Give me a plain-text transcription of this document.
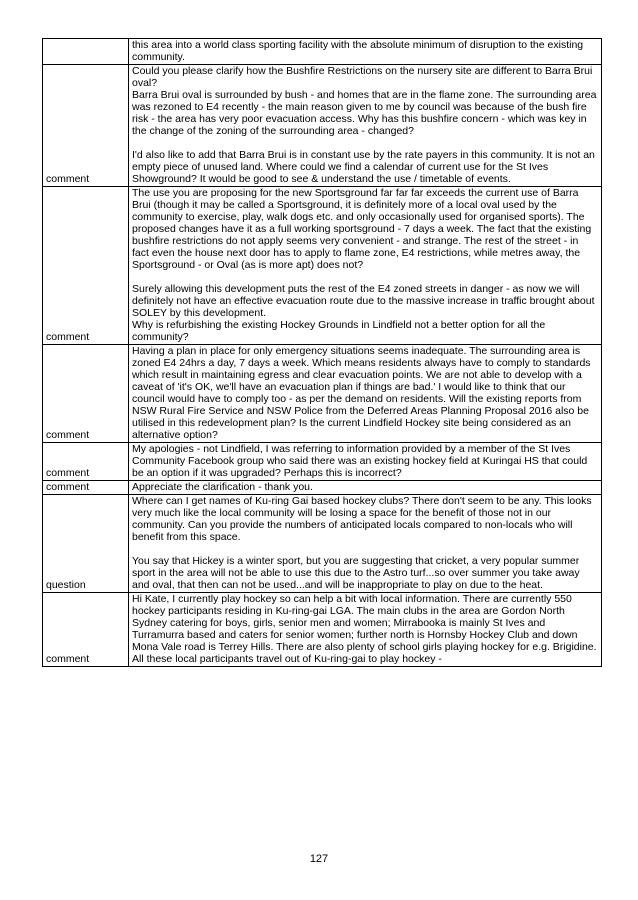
	this area into a world class sporting facility with the absolute minimum of disruption to the existing community.

comment	Could you please clarify how the Bushfire Restrictions on the nursery site are different to Barra Brui oval?
Barra Brui oval is surrounded by bush - and homes that are in the flame zone. The surrounding area was rezoned to E4 recently - the main reason given to me by council was because of the bush fire risk - the area has very poor evacuation access. Why has this bushfire concern - which was key in the change of the zoning of the surrounding area - changed?
I'd also like to add that Barra Brui is in constant use by the rate payers in this community. It is not an empty piece of unused land. Where could we find a calendar of current use for the St Ives Showground? It would be good to see & understand the use / timetable of events.

comment	The use you are proposing for the new Sportsground far far far exceeds the current use of Barra Brui (though it may be called a Sportsground, it is definitely more of a local oval used by the community to exercise, play, walk dogs etc. and only occasionally used for organised sports). The proposed changes have it as a full working sportsground - 7 days a week. The fact that the existing bushfire restrictions do not apply seems very convenient - and strange. The rest of the street - in fact even the house next door has to apply to flame zone, E4 restrictions, while metres away, the Sportsground - or Oval (as is more apt) does not?
Surely allowing this development puts the rest of the E4 zoned streets in danger - as now we will definitely not have an effective evacuation route due to the massive increase in traffic brought about SOLEY by this development.
Why is refurbishing the existing Hockey Grounds in Lindfield not a better option for all the community?

comment	Having a plan in place for only emergency situations seems inadequate. The surrounding area is zoned E4 24hrs a day, 7 days a week. Which means residents always have to comply to standards which result in maintaining egress and clear evacuation points. We are not able to develop with a caveat of 'it's OK, we'll have an evacuation plan if things are bad.' I would like to think that our council would have to comply too - as per the demand on residents. Will the existing reports from NSW Rural Fire Service and NSW Police from the Deferred Areas Planning Proposal 2016 also be utilised in this redevelopment plan? Is the current Lindfield Hockey site being considered as an alternative option?

comment	My apologies - not Lindfield, I was referring to information provided by a member of the St Ives Community Facebook group who said there was an existing hockey field at Kuringai HS that could be an option if it was upgraded? Perhaps this is incorrect?

comment	Appreciate the clarification - thank you.

question	Where can I get names of Ku-ring Gai based hockey clubs? There don't seem to be any. This looks very much like the local community will be losing a space for the benefit of those not in our community. Can you provide the numbers of anticipated locals compared to non-locals who will benefit from this space.
You say that Hickey is a winter sport, but you are suggesting that cricket, a very popular summer sport in the area will not be able to use this due to the Astro turf...so over summer you take away and oval, that then can not be used...and will be inappropriate to play on due to the heat.

comment	Hi Kate, I currently play hockey so can help a bit with local information. There are currently 550 hockey participants residing in Ku-ring-gai LGA. The main clubs in the area are Gordon North Sydney catering for boys, girls, senior men and women; Mirrabooka is mainly St Ives and Turramurra based and caters for senior women; further north is Hornsby Hockey Club and down Mona Vale road is Terrey Hills. There are also plenty of school girls playing hockey for e.g. Brigidine. All these local participants travel out of Ku-ring-gai to play hockey -
127
